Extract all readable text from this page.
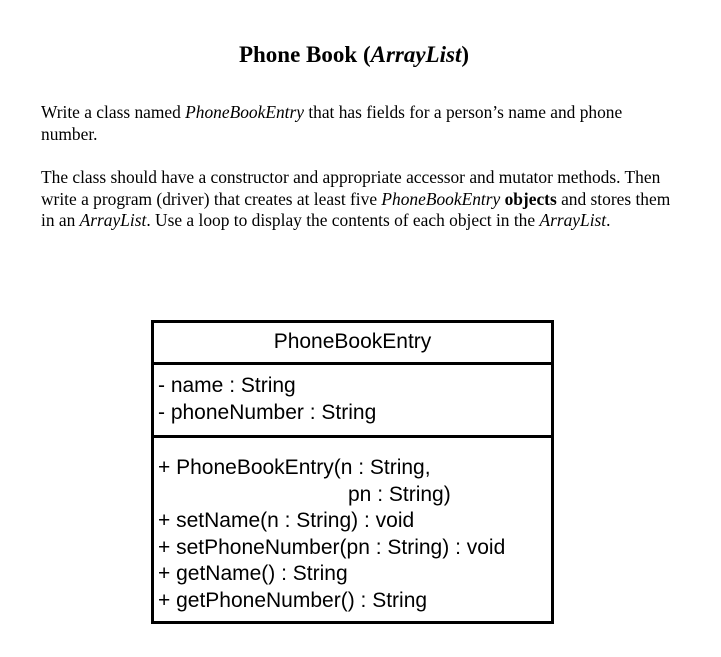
Phone Book (ArrayList)

Write a class named PhoneBookEntry that has fields for a person’s name and phone number.

The class should have a constructor and appropriate accessor and mutator methods. Then write a program (driver) that creates at least five PhoneBookEntry objects and stores them in an ArrayList. Use a loop to display the contents of each object in the ArrayList.

PhoneBookEntry
- name : String
- phoneNumber : String
+ PhoneBookEntry(n : String,
pn : String)
+ setName(n : String) : void
+ setPhoneNumber(pn : String) : void
+ getName() : String
+ getPhoneNumber() : String
